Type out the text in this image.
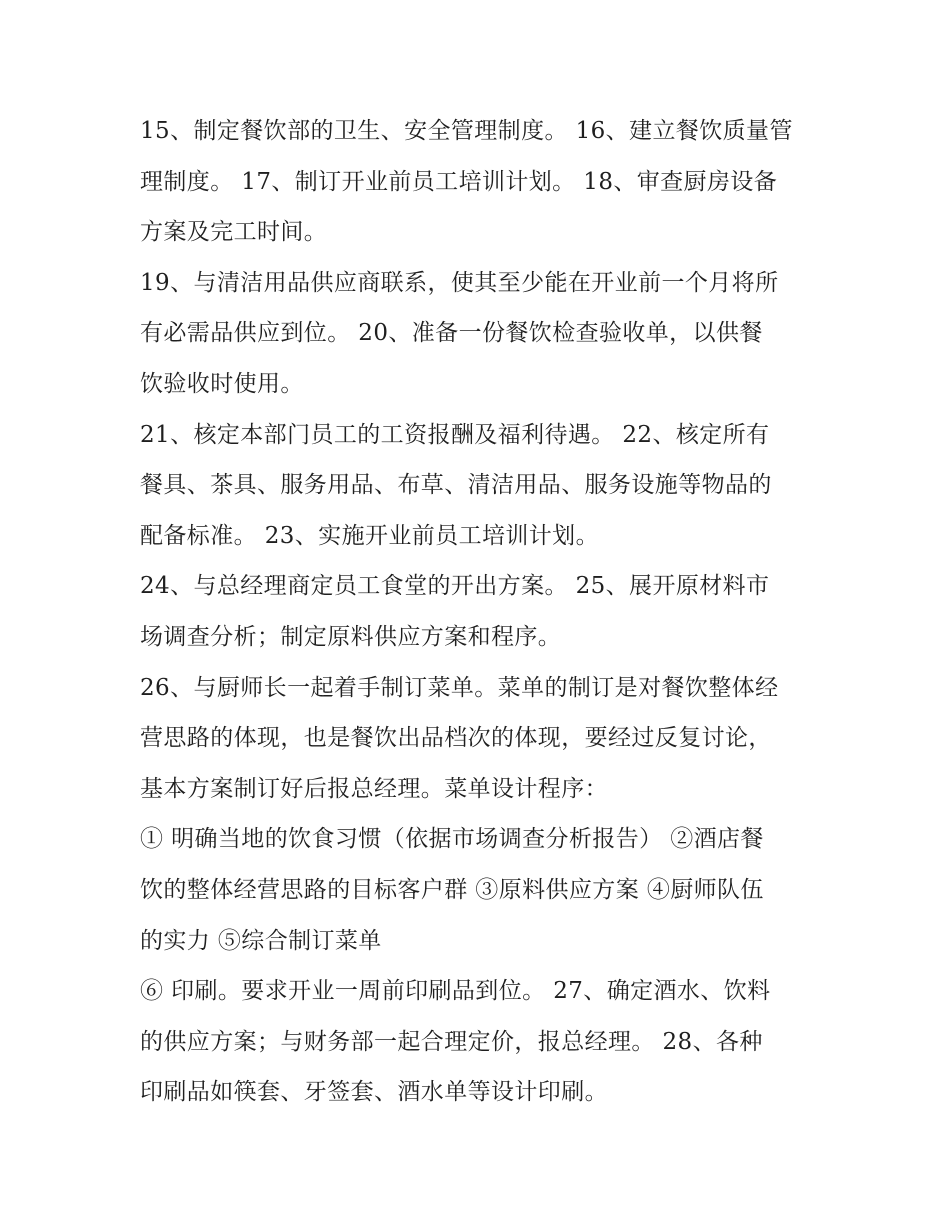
15、制定餐饮部的卫生、安全管理制度。 16、建立餐饮质量管
理制度。 17、制订开业前员工培训计划。 18、审查厨房设备
方案及完工时间。
19、与清洁用品供应商联系，使其至少能在开业前一个月将所
有必需品供应到位。 20、准备一份餐饮检查验收单，以供餐
饮验收时使用。
21、核定本部门员工的工资报酬及福利待遇。 22、核定所有
餐具、茶具、服务用品、布草、清洁用品、服务设施等物品的
配备标准。 23、实施开业前员工培训计划。
24、与总经理商定员工食堂的开出方案。 25、展开原材料市
场调查分析；制定原料供应方案和程序。
26、与厨师长一起着手制订菜单。菜单的制订是对餐饮整体经
营思路的体现，也是餐饮出品档次的体现，要经过反复讨论，
基本方案制订好后报总经理。菜单设计程序：
① 明确当地的饮食习惯（依据市场调查分析报告） ②酒店餐
饮的整体经营思路的目标客户群 ③原料供应方案 ④厨师队伍
的实力 ⑤综合制订菜单
⑥ 印刷。要求开业一周前印刷品到位。 27、确定酒水、饮料
的供应方案；与财务部一起合理定价，报总经理。 28、各种
印刷品如筷套、牙签套、酒水单等设计印刷。
